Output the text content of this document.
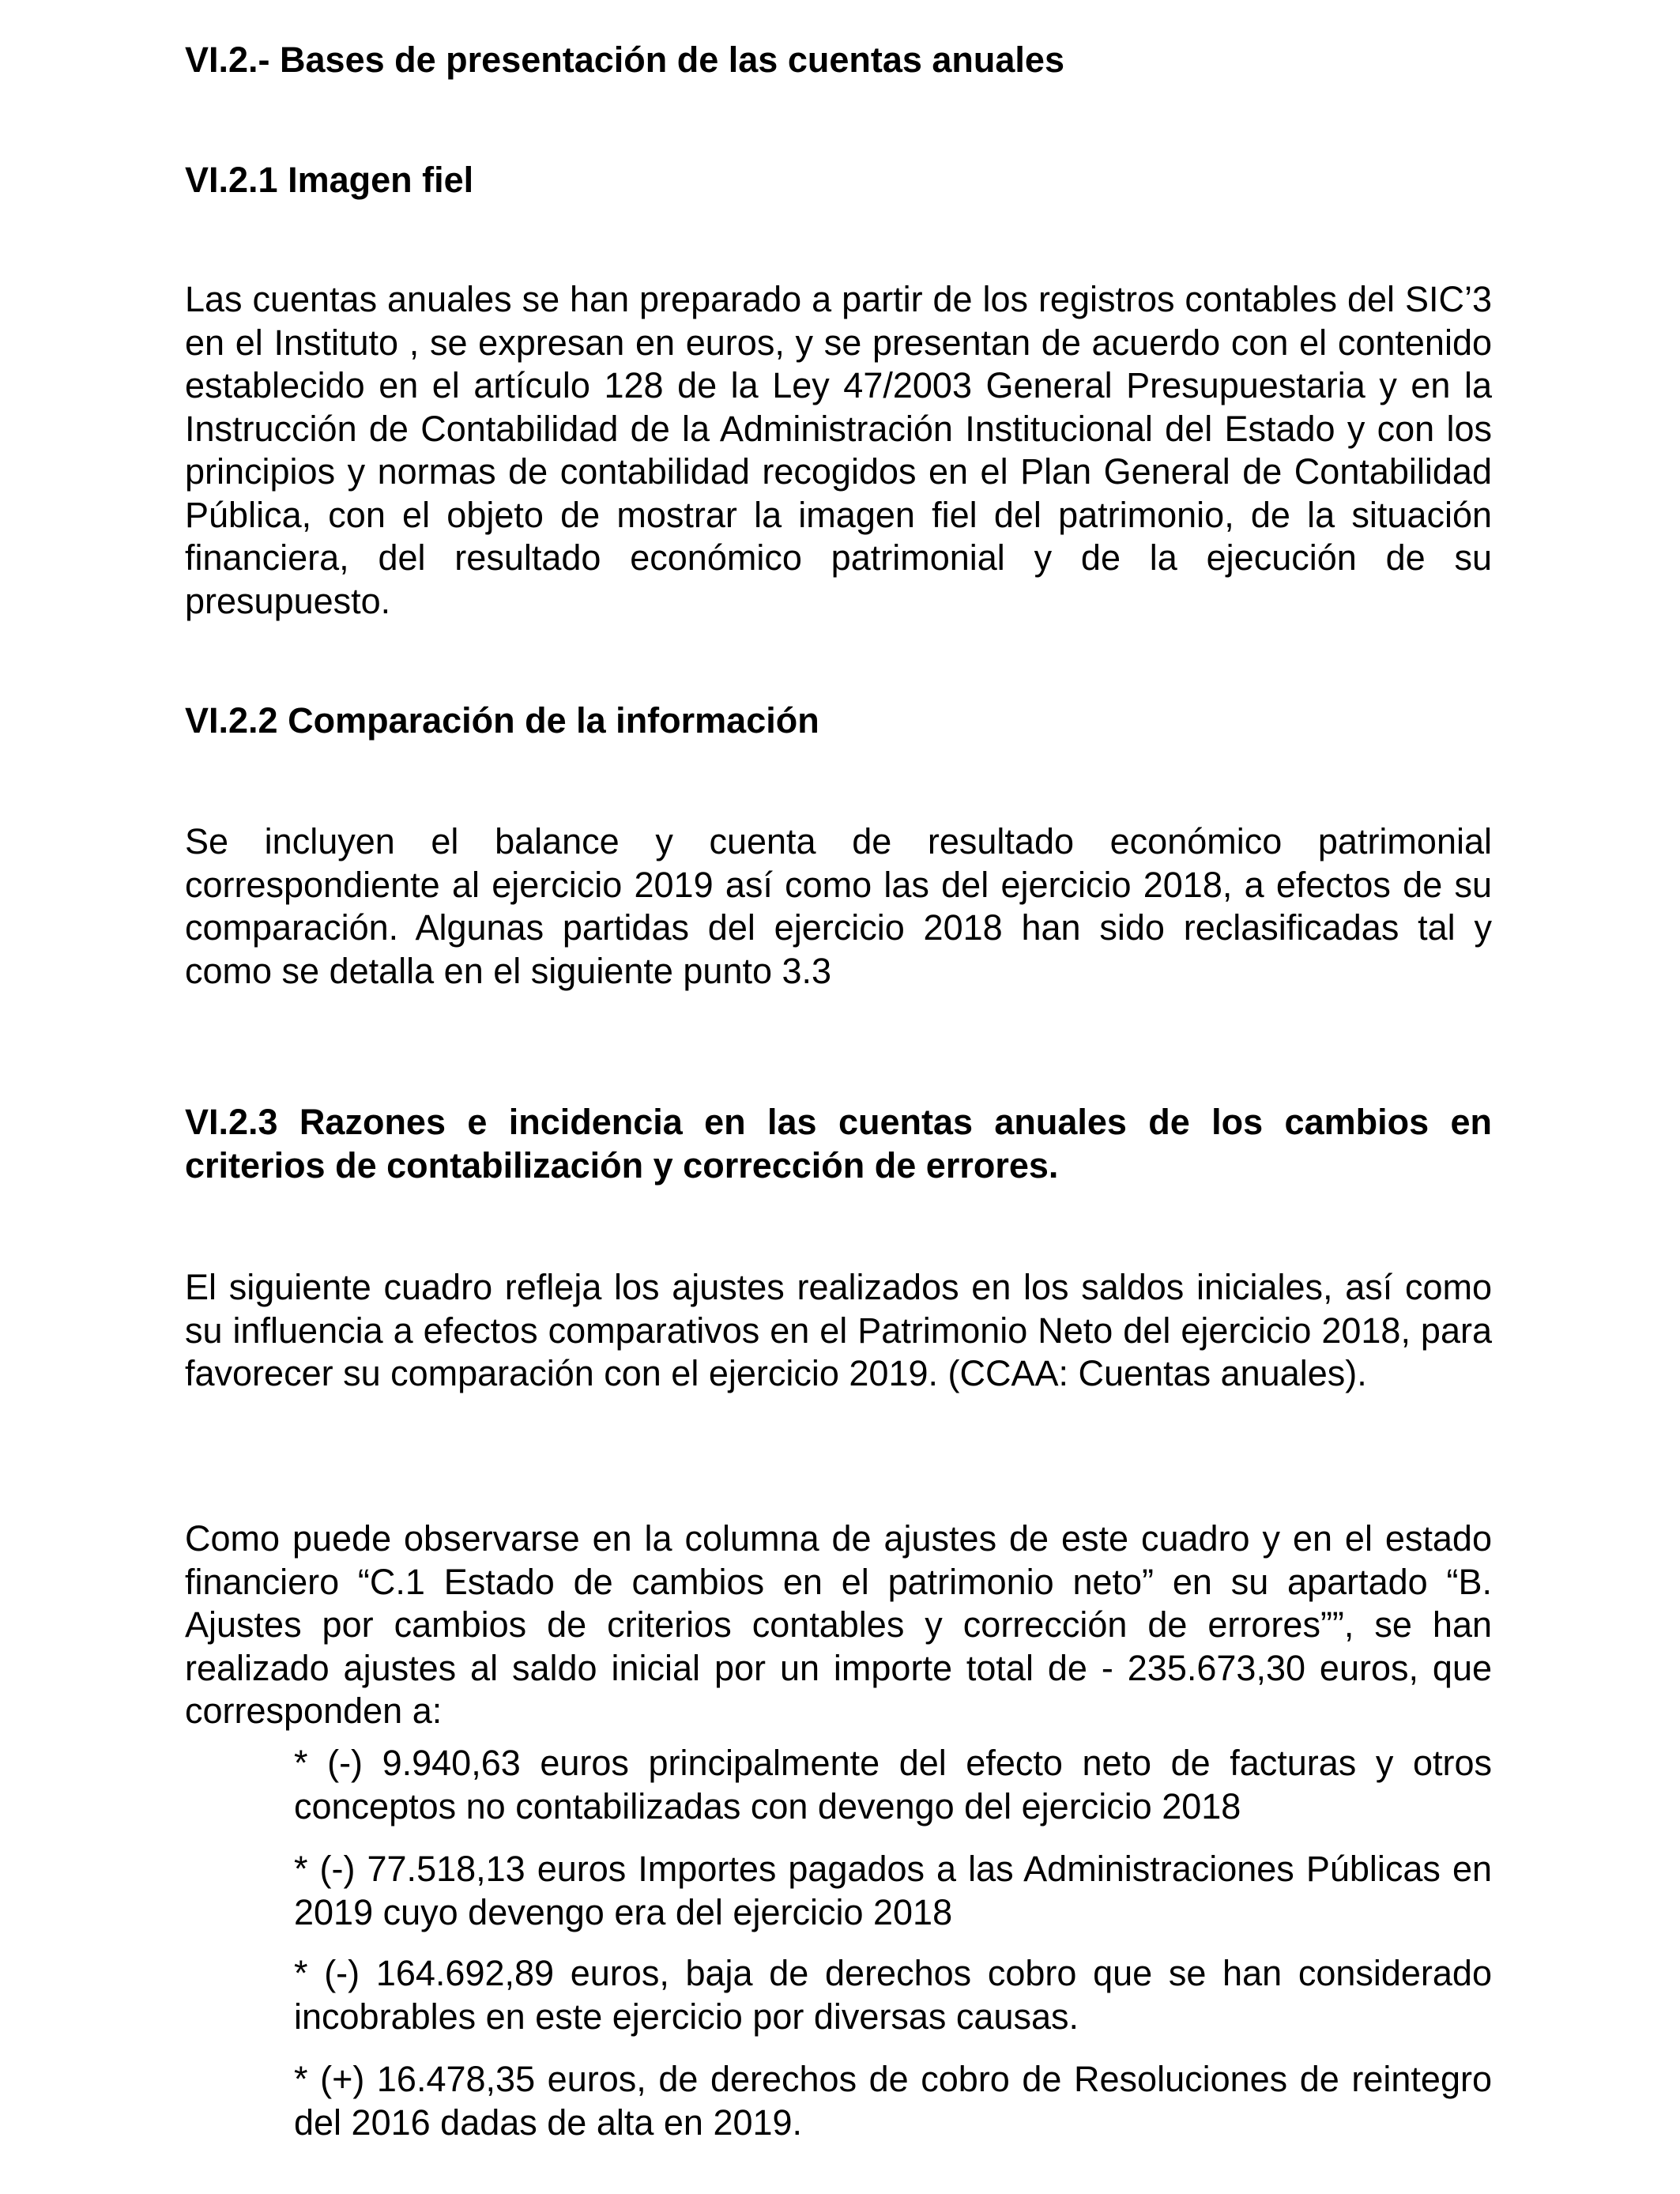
VI.2.- Bases de presentación de las cuentas anuales
VI.2.1 Imagen fiel

Las cuentas anuales se han preparado a partir de los registros contables del SIC’3 en el Instituto , se expresan en euros, y se presentan de acuerdo con el contenido establecido en el artículo 128 de la Ley 47/2003 General Presupuestaria y en la Instrucción de Contabilidad de la Administración Institucional del Estado y con los principios y normas de contabilidad recogidos en el Plan General de Contabilidad Pública, con el objeto de mostrar la imagen fiel del patrimonio, de la situación financiera, del resultado económico patrimonial y de la ejecución de su presupuesto.

VI.2.2 Comparación de la información

Se incluyen el balance y cuenta de resultado económico patrimonial correspondiente al ejercicio 2019 así como las del ejercicio 2018, a efectos de su comparación. Algunas partidas del ejercicio 2018 han sido reclasificadas tal y como se detalla en el siguiente punto 3.3

VI.2.3 Razones e incidencia en las cuentas anuales de los cambios en criterios de contabilización y corrección de errores.

El siguiente cuadro refleja los ajustes realizados en los saldos iniciales, así como su influencia a efectos comparativos en el Patrimonio Neto del ejercicio 2018, para favorecer su comparación con el ejercicio 2019. (CCAA: Cuentas anuales).

Como puede observarse en la columna de ajustes de este cuadro y en el estado financiero “C.1 Estado de cambios en el patrimonio neto” en su apartado “B. Ajustes por cambios de criterios contables y corrección de errores””, se han realizado ajustes al saldo inicial por un importe total de - 235.673,30 euros, que corresponden a:

* (-) 9.940,63 euros principalmente del efecto neto de facturas y otros conceptos no contabilizadas con devengo del ejercicio 2018

* (-) 77.518,13 euros Importes pagados a las Administraciones Públicas en 2019 cuyo devengo era del ejercicio 2018

* (-) 164.692,89 euros, baja de derechos cobro que se han considerado incobrables en este ejercicio por diversas causas.

* (+) 16.478,35 euros, de derechos de cobro de Resoluciones de reintegro del 2016 dadas de alta en 2019.
